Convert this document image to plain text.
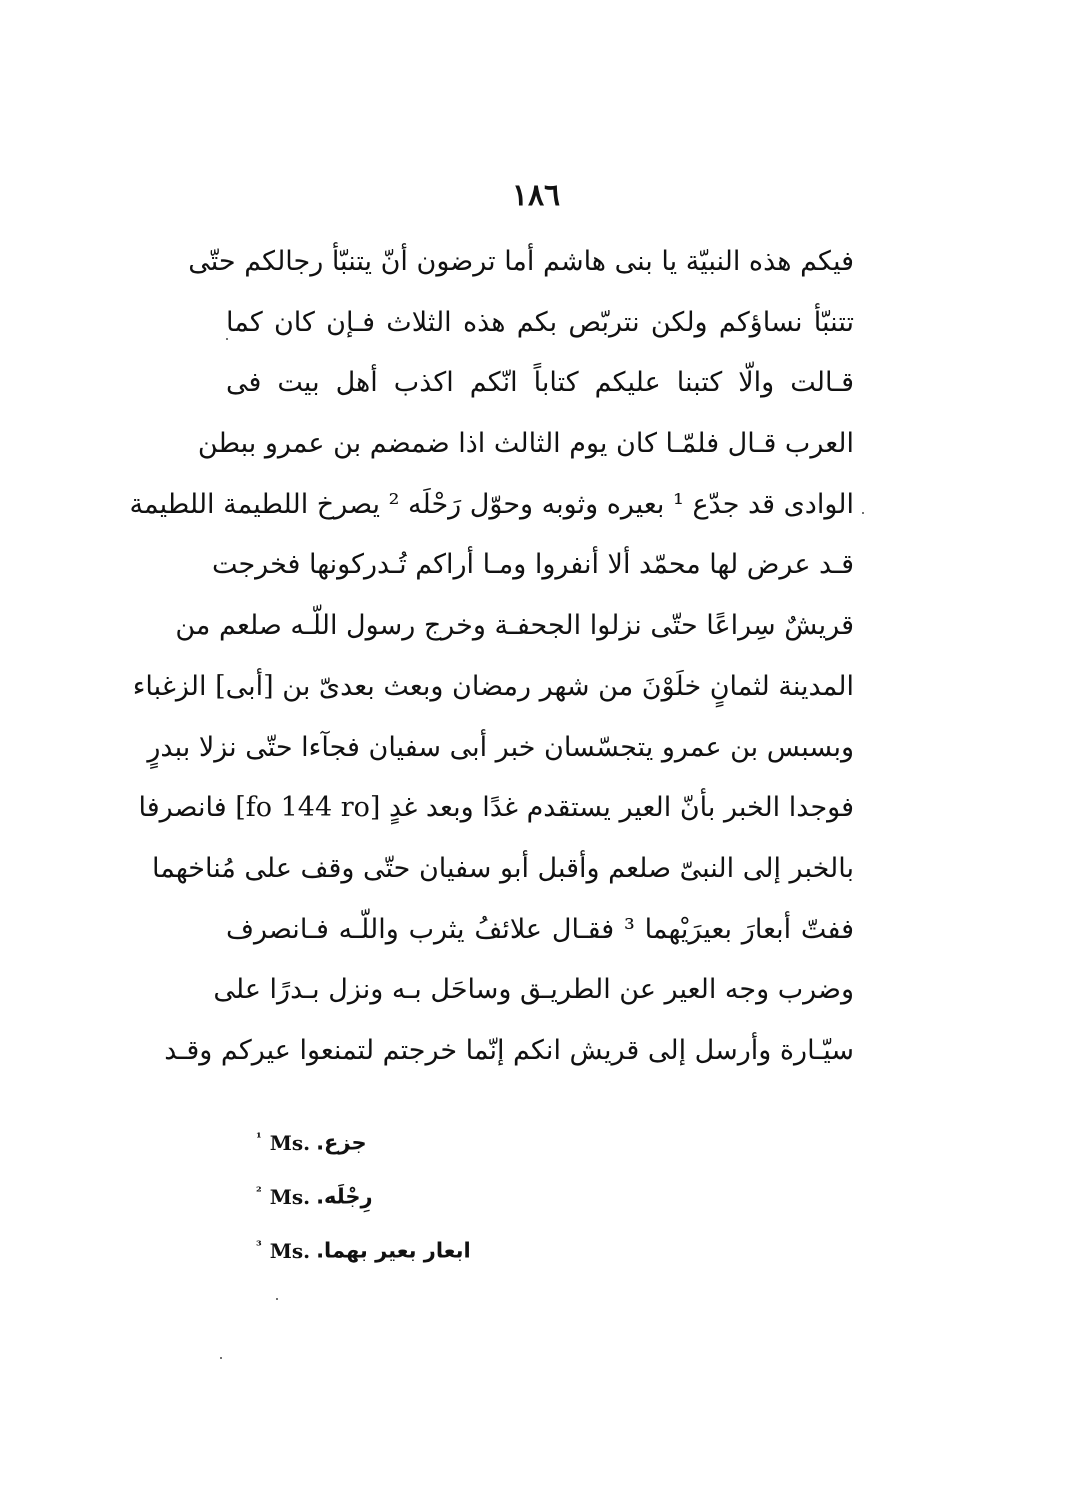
١٨٦
فيكم هذه النبيّة يا بنى هاشم أما ترضون أنّ يتنبّأ رجالكم حتّى
تتنبّأ نساؤكم ولكن نتربّص بكم هذه الثلاث فـإن كان كما
قـالت والّا كتبنا عليكم كتاباً انّكم اكذب أهل بيت فى
العرب قـال فلمّـا كان يوم الثالث اذا ضمضم بن عمرو ببطن
الوادى قد جدّع ¹ بعيره وثوبه وحوّل رَحْلَه ² يصرخ اللطيمة اللطيمة
قـد عرض لها محمّد ألا أنفروا ومـا أراكم تُـدركونها فخرجت
قريشٌ سِراعًا حتّى نزلوا الجحفـة وخرج رسول اللّـه صلعم من
المدينة لثمانٍ خلَوْنَ من شهر رمضان وبعث بعدىّ بن [أبى] الزغباء
وبسبس بن عمرو يتجسّسان خبر أبى سفيان فجآءا حتّى نزلا ببدرٍ
فوجدا الخبر بأنّ العير يستقدم غدًا وبعد غدٍ [fo 144 ro] فانصرفا
بالخبر إلى النبىّ صلعم وأقبل أبو سفيان حتّى وقف على مُناخهما
ففتّ أبعارَ بعيرَيْهما ³ فقـال علائفُ يثرب واللّـه فـانصرف
وضرب وجه العير عن الطريـق وساحَل بـه ونزل بـدرًا على
سيّـارة وأرسل إلى قريش انكم إنّما خرجتم لتمنعوا عيركم وقـد
¹ Ms. جزع.
² Ms. رِجْلَه.
³ Ms. ابعار بعير بهما.
